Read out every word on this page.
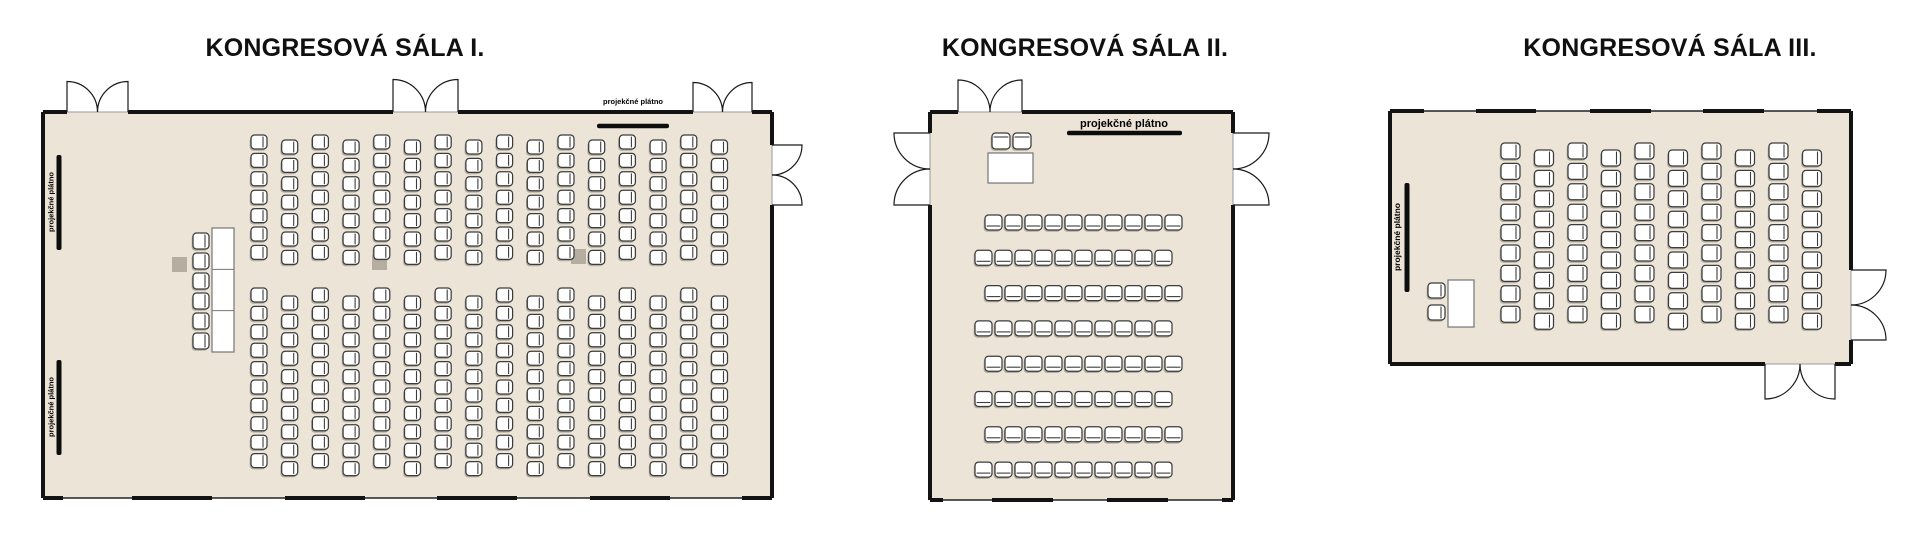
projekčné plátno
projekčné plátno
projekčné plátno
projekčné plátno
projekčné plátno
KONGRESOVÁ SÁLA I.	KONGRESOVÁ SÁLA II.	KONGRESOVÁ SÁLA III.
